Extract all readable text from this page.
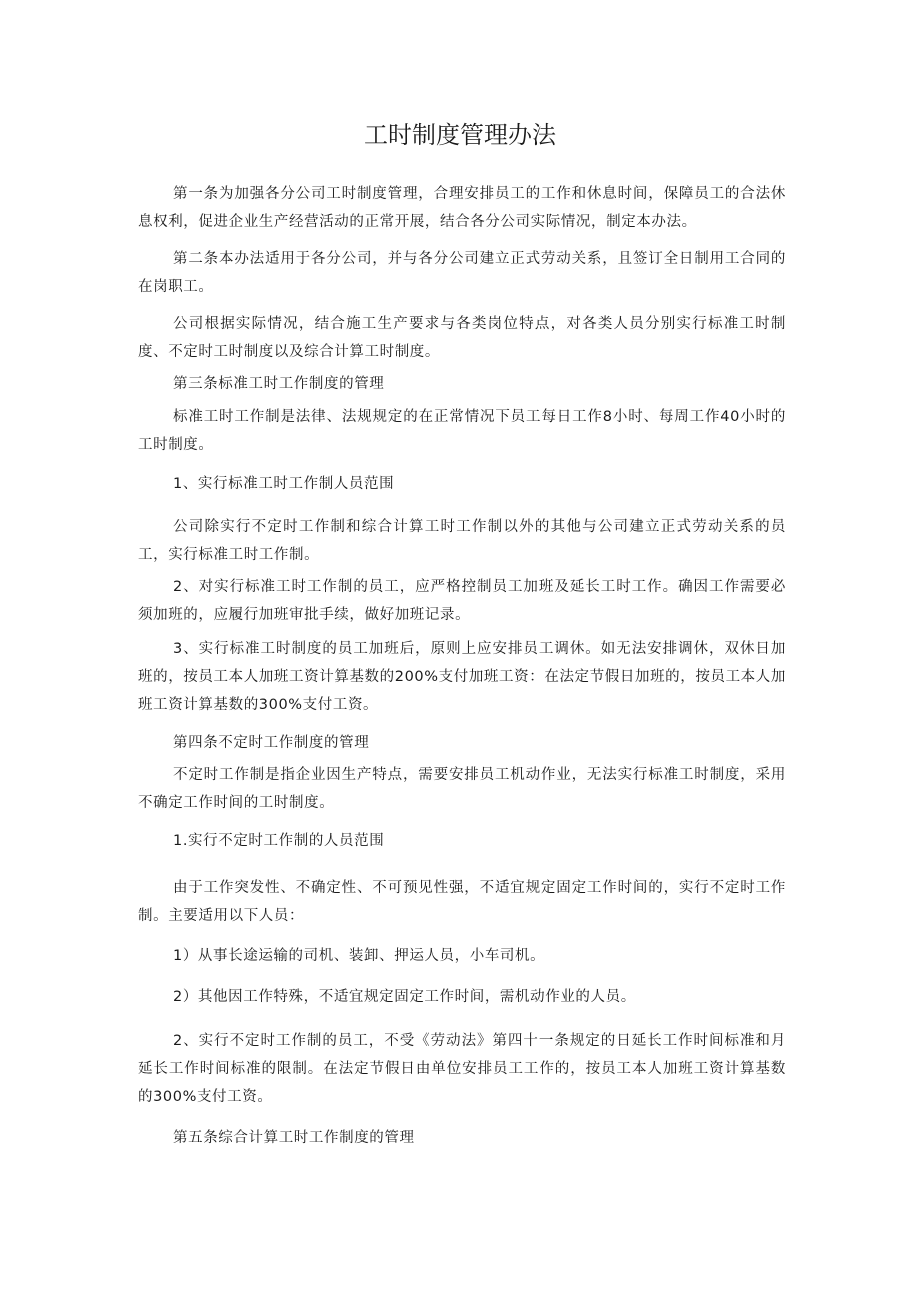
工时制度管理办法

第一条为加强各分公司工时制度管理，合理安排员工的工作和休息时间，保障员工的合法休息权利，促进企业生产经营活动的正常开展，结合各分公司实际情况，制定本办法。

第二条本办法适用于各分公司，并与各分公司建立正式劳动关系，且签订全日制用工合同的在岗职工。

公司根据实际情况，结合施工生产要求与各类岗位特点，对各类人员分别实行标准工时制度、不定时工时制度以及综合计算工时制度。

第三条标准工时工作制度的管理

标准工时工作制是法律、法规规定的在正常情况下员工每日工作8小时、每周工作40小时的工时制度。

1、实行标准工时工作制人员范围

公司除实行不定时工作制和综合计算工时工作制以外的其他与公司建立正式劳动关系的员工，实行标准工时工作制。

2、对实行标准工时工作制的员工，应严格控制员工加班及延长工时工作。确因工作需要必须加班的，应履行加班审批手续，做好加班记录。

3、实行标准工时制度的员工加班后，原则上应安排员工调休。如无法安排调休，双休日加班的，按员工本人加班工资计算基数的200%支付加班工资：在法定节假日加班的，按员工本人加班工资计算基数的300%支付工资。

第四条不定时工作制度的管理

不定时工作制是指企业因生产特点，需要安排员工机动作业，无法实行标准工时制度，采用不确定工作时间的工时制度。

1.实行不定时工作制的人员范围

由于工作突发性、不确定性、不可预见性强，不适宜规定固定工作时间的，实行不定时工作制。主要适用以下人员：

1）从事长途运输的司机、装卸、押运人员，小车司机。

2）其他因工作特殊，不适宜规定固定工作时间，需机动作业的人员。

2、实行不定时工作制的员工，不受《劳动法》第四十一条规定的日延长工作时间标准和月延长工作时间标准的限制。在法定节假日由单位安排员工工作的，按员工本人加班工资计算基数的300%支付工资。

第五条综合计算工时工作制度的管理
